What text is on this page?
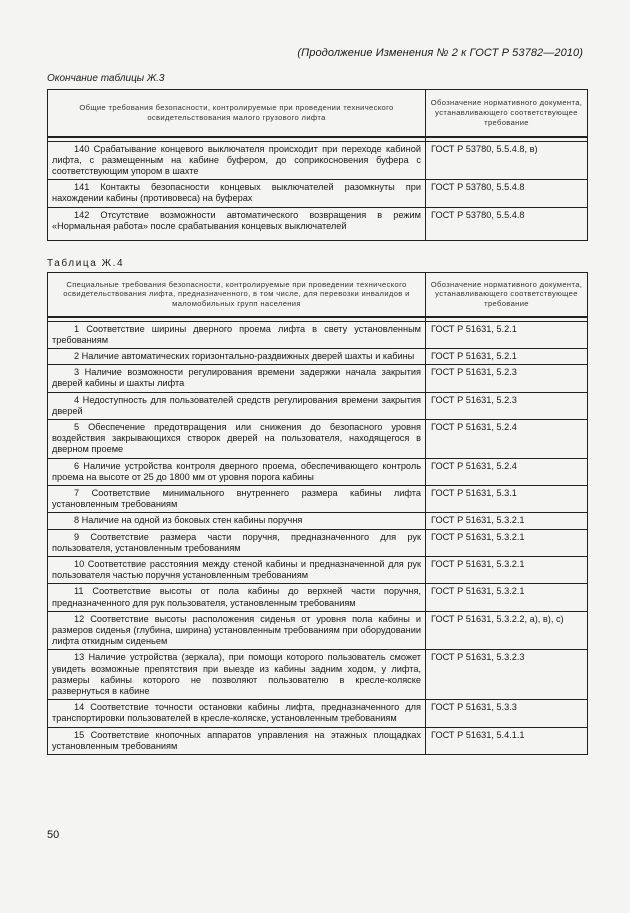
(Продолжение Изменения № 2 к ГОСТ Р 53782—2010)
Окончание таблицы Ж.3
Общие требования безопасности, контролируемые при проведении технического освидетельствования малого грузового лифта	Обозначение нормативного документа, устанавливающего соответствующее требование

140 Срабатывание концевого выключателя происходит при переходе кабиной лифта, с размещенным на кабине буфером, до соприкосновения буфера с соответствующим упором в шахте	ГОСТ Р 53780, 5.5.4.8, в)
141 Контакты безопасности концевых выключателей разомкнуты при нахождении кабины (противовеса) на буферах	ГОСТ Р 53780, 5.5.4.8
142 Отсутствие возможности автоматического возвращения в режим «Нормальная работа» после срабатывания концевых выключателей	ГОСТ Р 53780, 5.5.4.8
Таблица Ж.4
Специальные требования безопасности, контролируемые при проведении технического освидетельствования лифта, предназначенного, в том числе, для перевозки инвалидов и маломобильных групп населения	Обозначение нормативного документа, устанавливающего соответствующее требование

1 Соответствие ширины дверного проема лифта в свету установленным требованиям	ГОСТ Р 51631, 5.2.1
2 Наличие автоматических горизонтально-раздвижных дверей шахты и кабины	ГОСТ Р 51631, 5.2.1
3 Наличие возможности регулирования времени задержки начала закрытия дверей кабины и шахты лифта	ГОСТ Р 51631, 5.2.3
4 Недоступность для пользователей средств регулирования времени закрытия дверей	ГОСТ Р 51631, 5.2.3
5 Обеспечение предотвращения или снижения до безопасного уровня воздействия закрывающихся створок дверей на пользователя, находящегося в дверном проеме	ГОСТ Р 51631, 5.2.4
6 Наличие устройства контроля дверного проема, обеспечивающего контроль проема на высоте от 25 до 1800 мм от уровня порога кабины	ГОСТ Р 51631, 5.2.4
7 Соответствие минимального внутреннего размера кабины лифта установленным требованиям	ГОСТ Р 51631, 5.3.1
8 Наличие на одной из боковых стен кабины поручня	ГОСТ Р 51631, 5.3.2.1
9 Соответствие размера части поручня, предназначенного для рук пользователя, установленным требованиям	ГОСТ Р 51631, 5.3.2.1
10 Соответствие расстояния между стеной кабины и предназначенной для рук пользователя частью поручня установленным требованиям	ГОСТ Р 51631, 5.3.2.1
11 Соответствие высоты от пола кабины до верхней части поручня, предназначенного для рук пользователя, установленным требованиям	ГОСТ Р 51631, 5.3.2.1
12 Соответствие высоты расположения сиденья от уровня пола кабины и размеров сиденья (глубина, ширина) установленным требованиям при оборудовании лифта откидным сиденьем	ГОСТ Р 51631, 5.3.2.2, а), в), с)
13 Наличие устройства (зеркала), при помощи которого пользователь сможет увидеть возможные препятствия при выезде из кабины задним ходом, у лифта, размеры кабины которого не позволяют пользователю в кресле-коляске развернуться в кабине	ГОСТ Р 51631, 5.3.2.3
14 Соответствие точности остановки кабины лифта, предназначенного для транспортировки пользователей в кресле-коляске, установленным требованиям	ГОСТ Р 51631, 5.3.3
15 Соответствие кнопочных аппаратов управления на этажных площадках установленным требованиям	ГОСТ Р 51631, 5.4.1.1
50
